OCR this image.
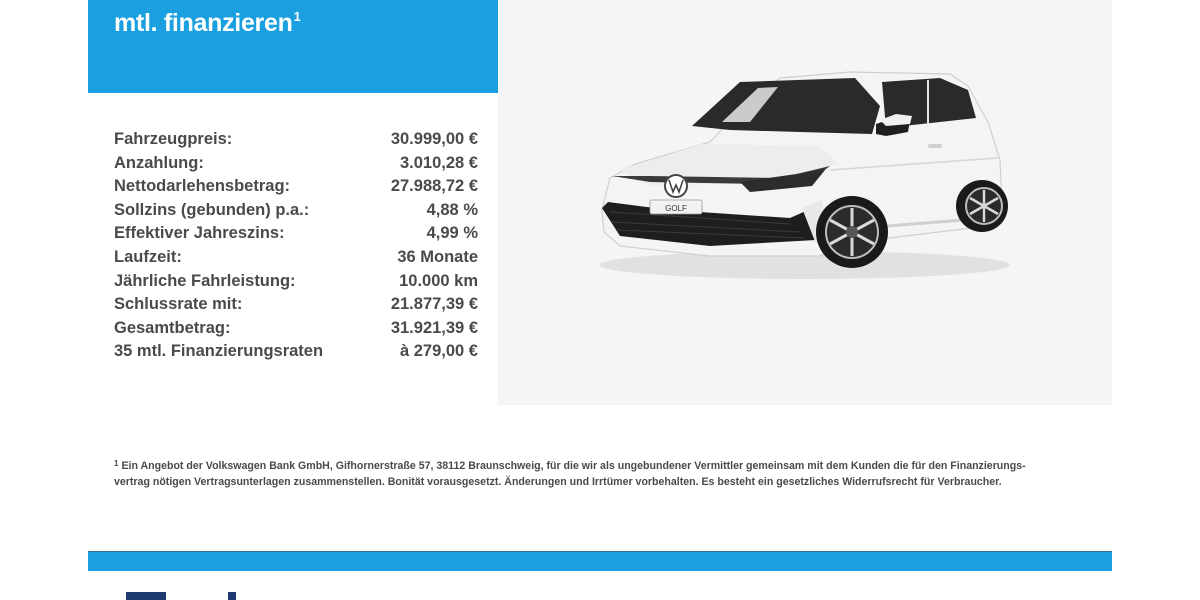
mtl. finanzieren$^1$
GOLF
Fahrzeugpreis:	30.999,00 €
Anzahlung:	3.010,28 €
Nettodarlehensbetrag:	27.988,72 €
Sollzins (gebunden) p.a.:	4,88 %
Effektiver Jahreszins:	4,99 %
Laufzeit:	36 Monate
Jährliche Fahrleistung:	10.000 km
Schlussrate mit:	21.877,39 €
Gesamtbetrag:	31.921,39 €
35 mtl. Finanzierungsraten	à 279,00 €
$^1$ Ein Angebot der Volkswagen Bank GmbH, Gifhornerstraße 57, 38112 Braunschweig, für die wir als ungebundener Vermittler gemeinsam mit dem Kunden die für den Finanzierungs-vertrag nötigen Vertragsunterlagen zusammenstellen. Bonität vorausgesetzt. Änderungen und Irrtümer vorbehalten. Es besteht ein gesetzliches Widerrufsrecht für Verbraucher.
